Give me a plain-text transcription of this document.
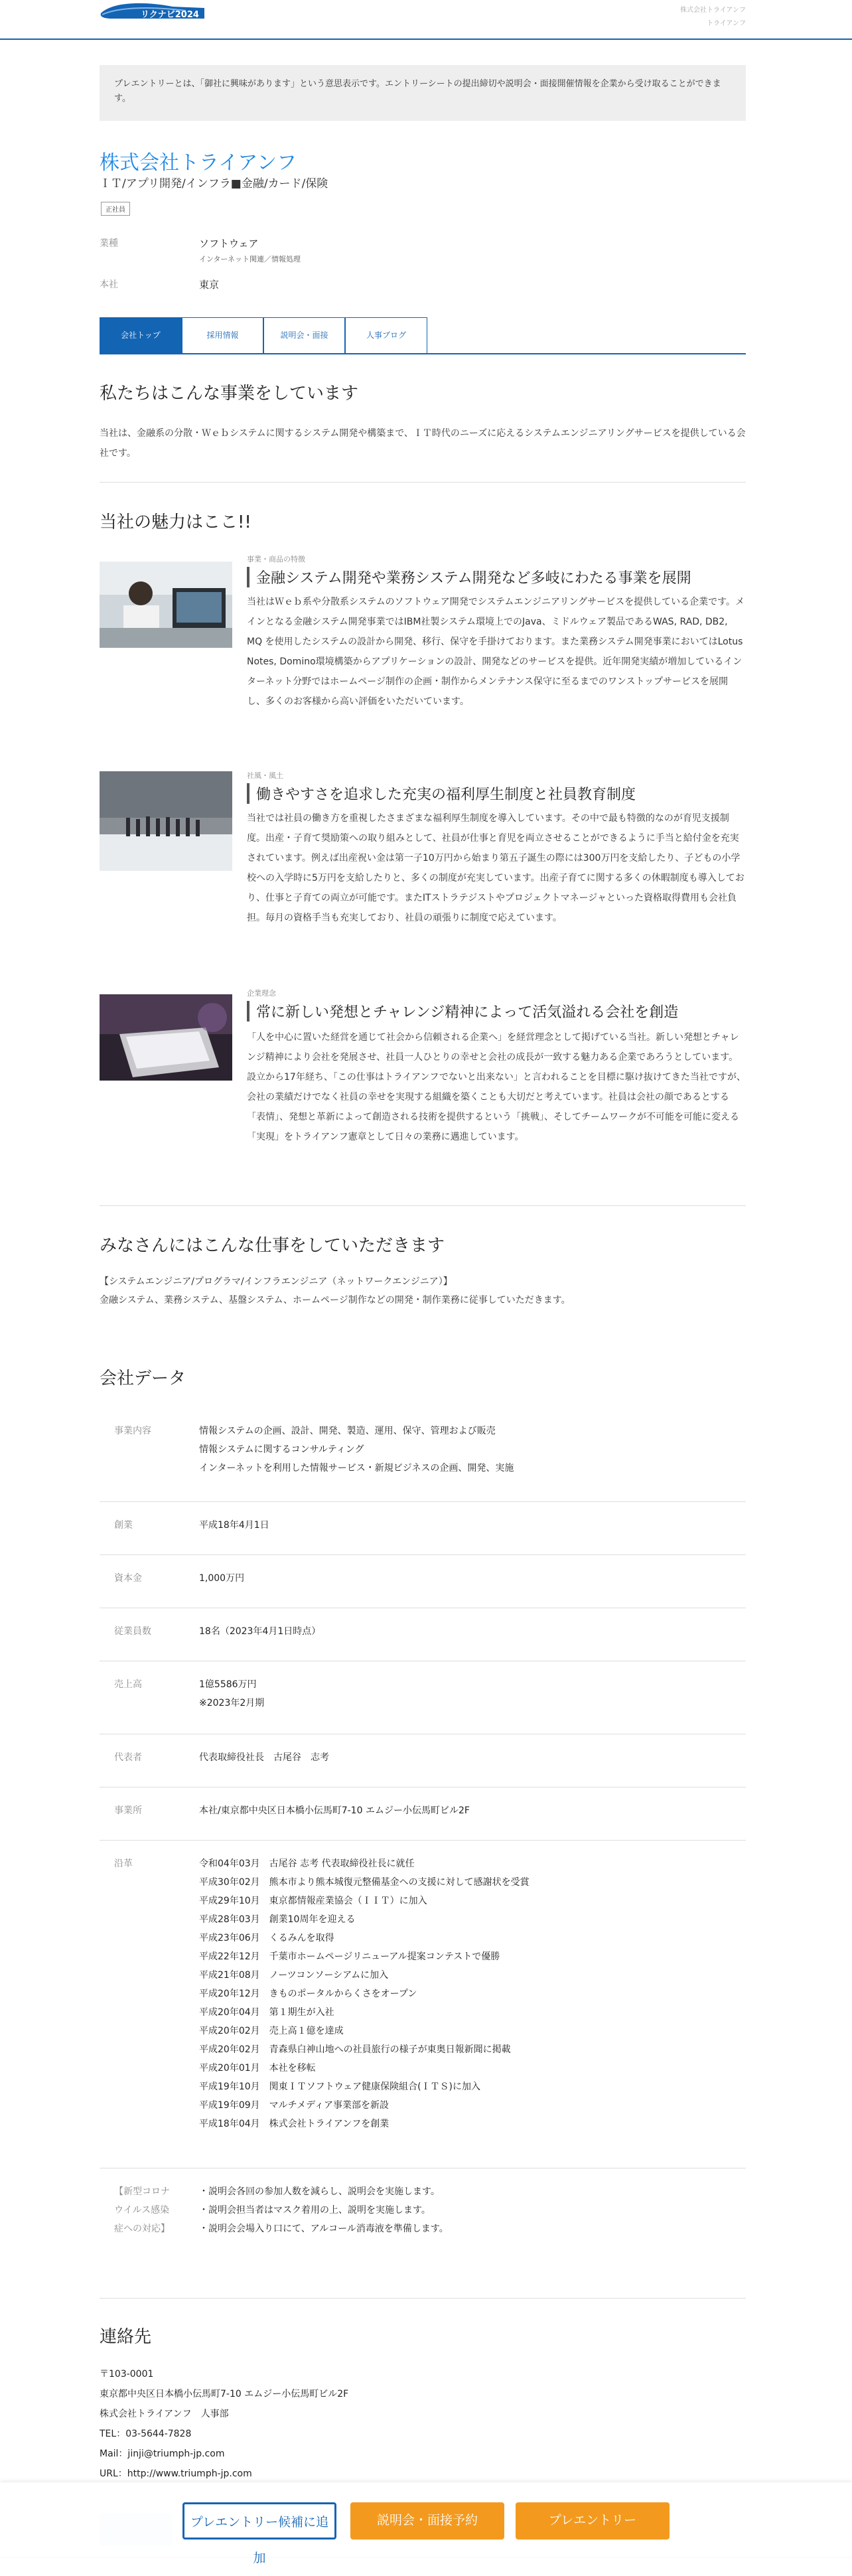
リクナビ2024	株式会社トライアンフ
トライアンフ
プレエントリーとは、「御社に興味があります」という意思表示です。エントリーシートの提出締切や説明会・面接開催情報を企業から受け取ることができます。
株式会社トライアンフ
ＩＴ/アプリ開発/インフラ■金融/カード/保険
正社員
業種	ソフトウェア
インターネット関連／情報処理
本社	東京
会社トップ	採用情報	説明会・面接	人事ブログ
私たちはこんな事業をしています
当社は、金融系の分散・Ｗｅｂシステムに関するシステム開発や構築まで、ＩＴ時代のニーズに応えるシステムエンジニアリングサービスを提供している会社です。
当社の魅力はここ!!
事業・商品の特徴
金融システム開発や業務システム開発など多岐にわたる事業を展開
当社はＷｅｂ系や分散系システムのソフトウェア開発でシステムエンジニアリングサービスを提供している企業です。メインとなる金融システム開発事業ではIBM社製システム環境上でのJava、ミドルウェア製品であるWAS, RAD, DB2, MQ を使用したシステムの設計から開発、移行、保守を手掛けております。また業務システム開発事業においてはLotus Notes, Domino環境構築からアプリケーションの設計、開発などのサービスを提供。近年開発実績が増加しているインターネット分野ではホームページ制作の企画・制作からメンテナンス保守に至るまでのワンストップサービスを展開し、多くのお客様から高い評価をいただいています。
社風・風土
働きやすさを追求した充実の福利厚生制度と社員教育制度
当社では社員の働き方を重視したさまざまな福利厚生制度を導入しています。その中で最も特徴的なのが育児支援制度。出産・子育て奨励策への取り組みとして、社員が仕事と育児を両立させることができるように手当と給付金を充実されています。例えば出産祝い金は第一子10万円から始まり第五子誕生の際には300万円を支給したり、子どもの小学校への入学時に5万円を支給したりと、多くの制度が充実しています。出産子育てに関する多くの休暇制度も導入しており、仕事と子育ての両立が可能です。またITストラテジストやプロジェクトマネージャといった資格取得費用も会社負担。毎月の資格手当も充実しており、社員の頑張りに制度で応えています。
企業理念
常に新しい発想とチャレンジ精神によって活気溢れる会社を創造
「人を中心に置いた経営を通じて社会から信頼される企業へ」を経営理念として掲げている当社。新しい発想とチャレンジ精神により会社を発展させ、社員一人ひとりの幸せと会社の成長が一致する魅力ある企業であろうとしています。設立から17年経ち、「この仕事はトライアンフでないと出来ない」と言われることを目標に駆け抜けてきた当社ですが、会社の業績だけでなく社員の幸せを実現する組織を築くことも大切だと考えています。社員は会社の顔であるとする「表情」、発想と革新によって創造される技術を提供するという「挑戦」、そしてチームワークが不可能を可能に変える「実現」をトライアンフ憲章として日々の業務に邁進しています。
みなさんにはこんな仕事をしていただきます
【システムエンジニア/プログラマ/インフラエンジニア（ネットワークエンジニア）】
金融システム、業務システム、基盤システム、ホームページ制作などの開発・制作業務に従事していただきます。
会社データ
事業内容	情報システムの企画、設計、開発、製造、運用、保守、管理および販売
情報システムに関するコンサルティング
インターネットを利用した情報サービス・新規ビジネスの企画、開発、実施
創業	平成18年4月1日
資本金	1,000万円
従業員数	18名（2023年4月1日時点）
売上高	1億5586万円
※2023年2月期
代表者	代表取締役社長　古尾谷　志考
事業所	本社/東京都中央区日本橋小伝馬町7-10 エムジー小伝馬町ビル2F
沿革	令和04年03月　古尾谷 志考 代表取締役社長に就任
平成30年02月　熊本市より熊本城復元整備基金への支援に対して感謝状を受賞
平成29年10月　東京都情報産業協会（ＩＩＴ）に加入
平成28年03月　創業10周年を迎える
平成23年06月　くるみんを取得
平成22年12月　千葉市ホームページリニューアル提案コンテストで優勝
平成21年08月　ノーツコンソーシアムに加入
平成20年12月　きものポータルからくさをオープン
平成20年04月　第１期生が入社
平成20年02月　売上高１億を達成
平成20年02月　青森県白神山地への社員旅行の様子が東奥日報新聞に掲載
平成20年01月　本社を移転
平成19年10月　関東ＩＴソフトウェア健康保険組合(ＩＴＳ)に加入
平成19年09月　マルチメディア事業部を新設
平成18年04月　株式会社トライアンフを創業
【新型コロナ
ウイルス感染
症への対応】
・説明会各回の参加人数を減らし、説明会を実施します。
・説明会担当者はマスク着用の上、説明を実施します。
・説明会会場入り口にて、アルコール消毒液を準備します。
連絡先
〒103-0001
東京都中央区日本橋小伝馬町7-10 エムジー小伝馬町ビル2F
株式会社トライアンフ　人事部
TEL：03-5644-7828
Mail：jinji@triumph-jp.com
URL：http://www.triumph-jp.com
プレエントリー候補に追加
説明会・面接予約	プレエントリー
